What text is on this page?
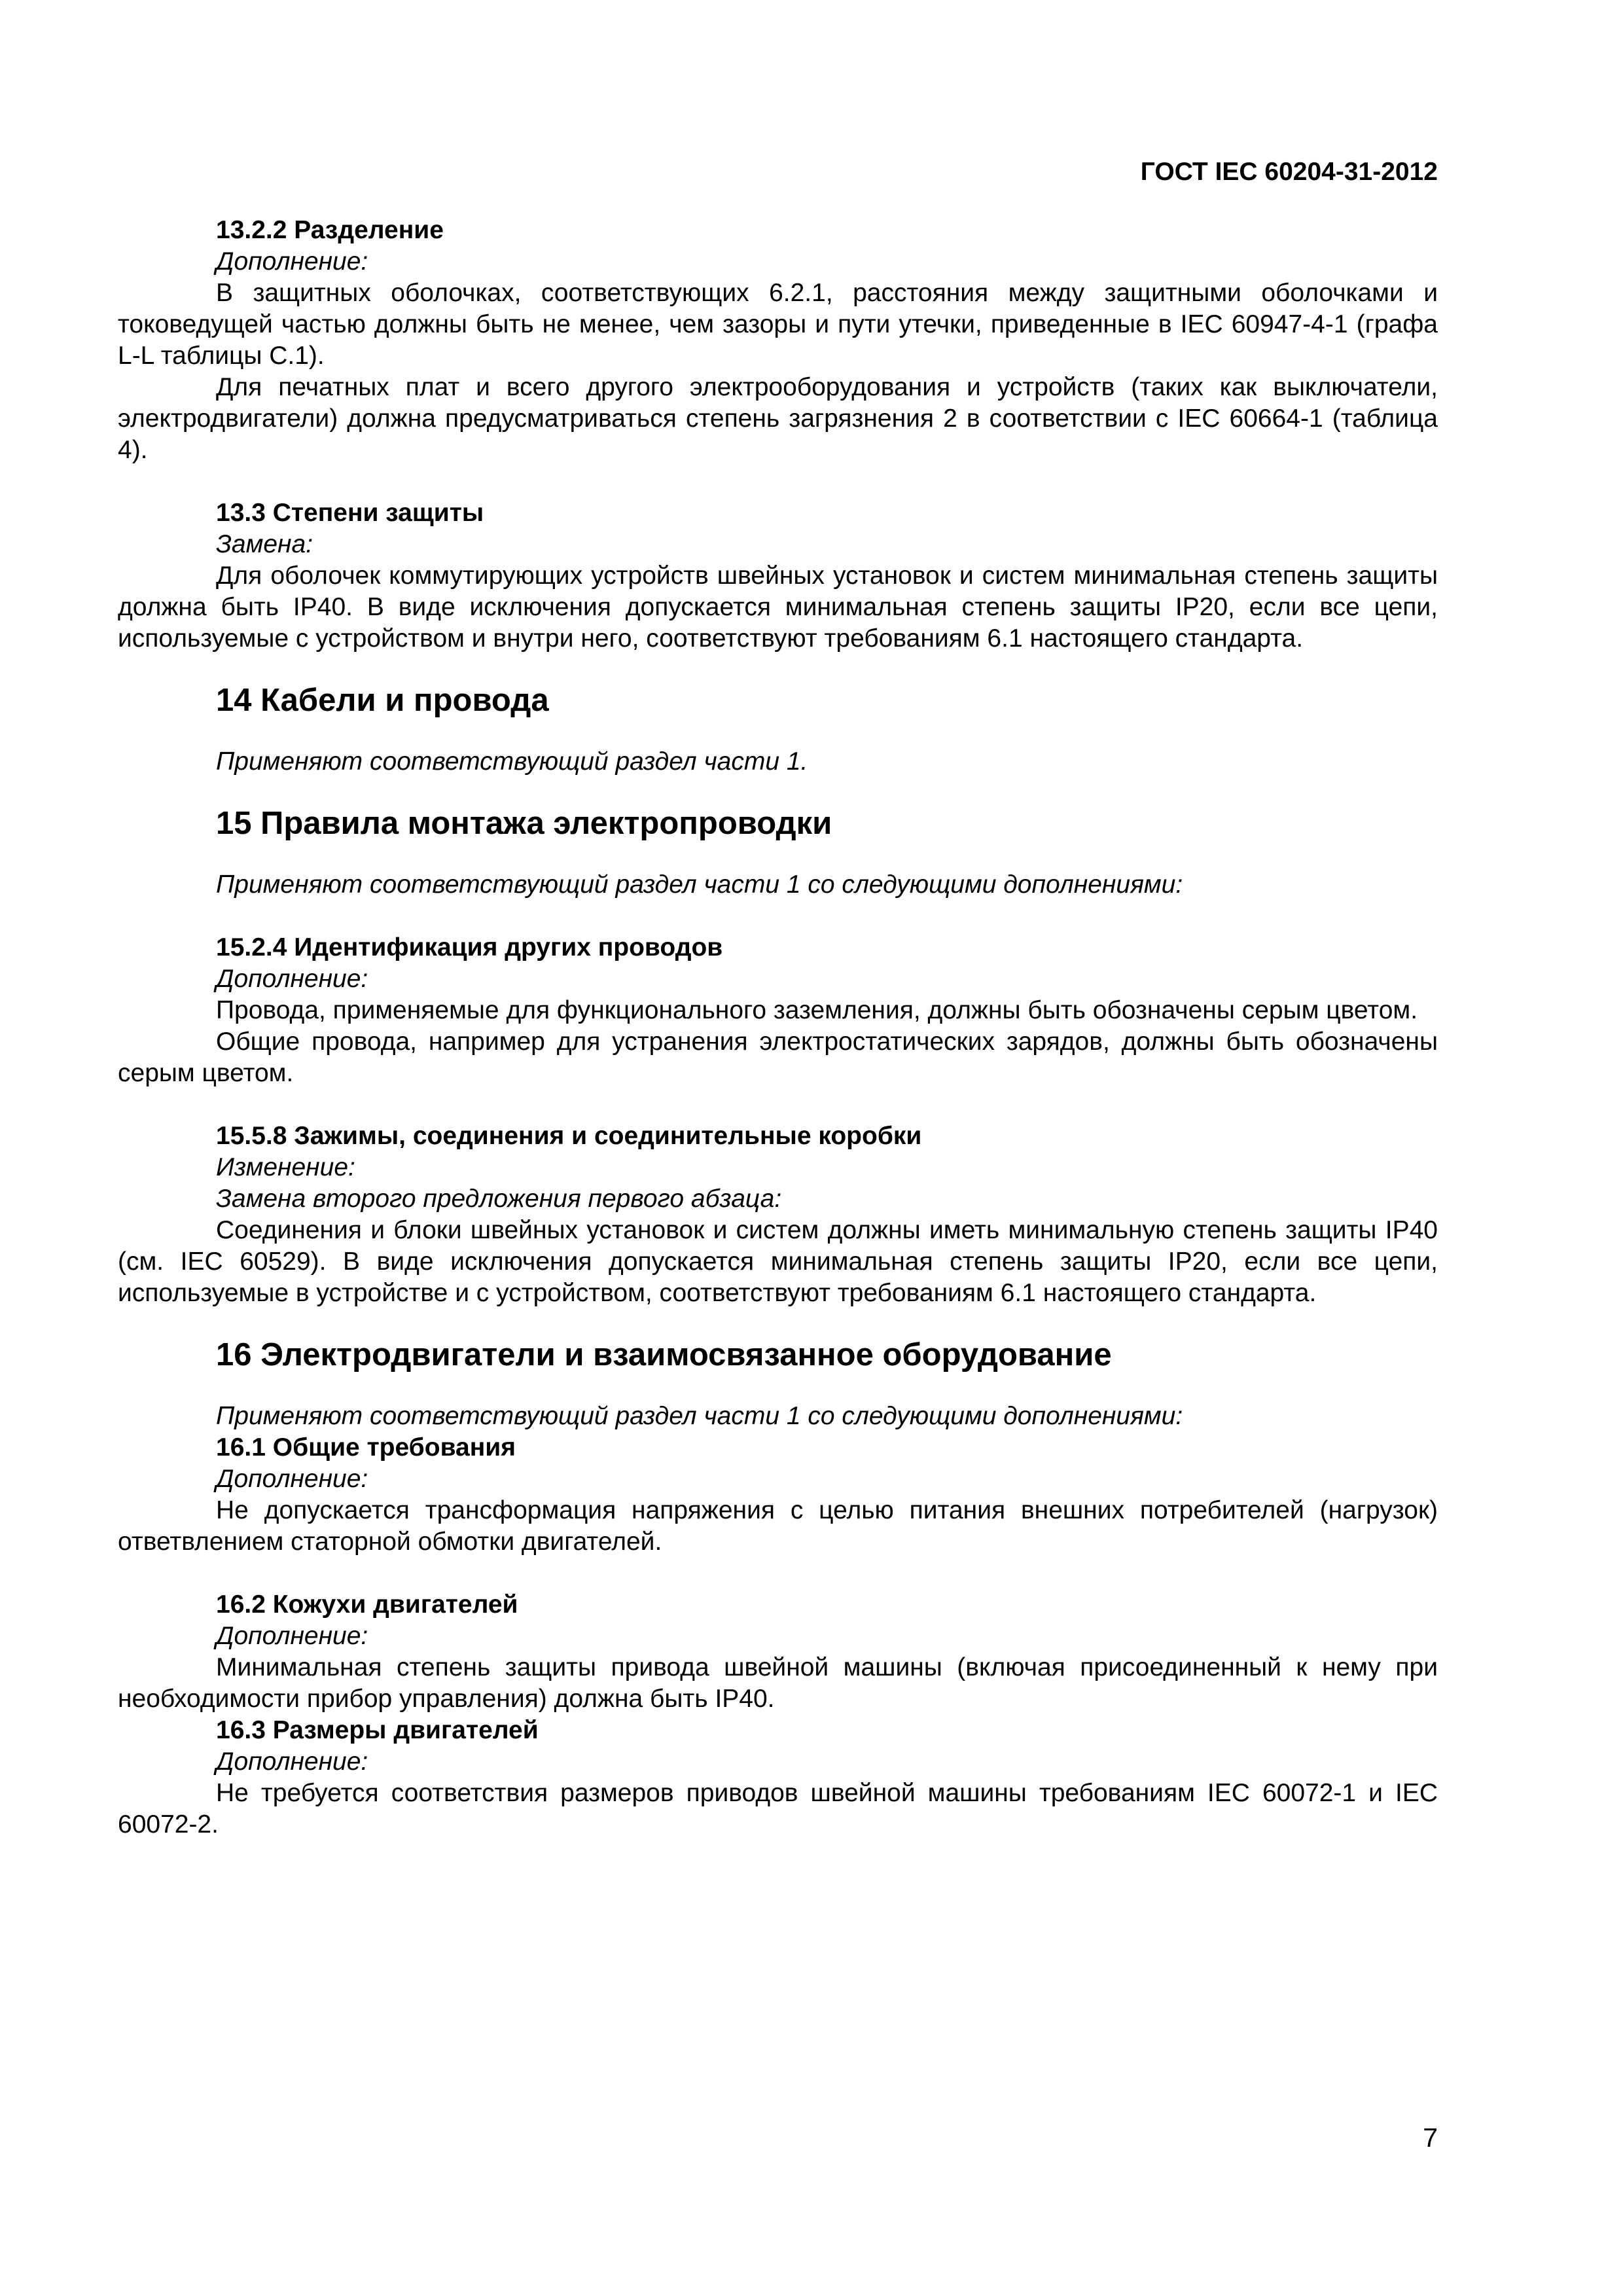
ГОСТ IEC 60204-31-2012
13.2.2 Разделение
Дополнение:
В защитных оболочках, соответствующих 6.2.1, расстояния между защитными оболочками и токоведущей частью должны быть не менее, чем зазоры и пути утечки, приведенные в IEC 60947-4-1 (графа L-L таблицы С.1).
Для печатных плат и всего другого электрооборудования и устройств (таких как выключатели, электродвигатели) должна предусматриваться степень загрязнения 2 в соответствии с IEC 60664-1 (таблица 4).
13.3 Степени защиты
Замена:
Для оболочек коммутирующих устройств швейных установок и систем минимальная степень защиты должна быть IP40. В виде исключения допускается минимальная степень защиты IP20, если все цепи, используемые с устройством и внутри него, соответствуют требованиям 6.1 настоящего стандарта.
14 Кабели и провода
Применяют соответствующий раздел части 1.
15 Правила монтажа электропроводки
Применяют соответствующий раздел части 1 со следующими дополнениями:
15.2.4 Идентификация других проводов
Дополнение:
Провода, применяемые для функционального заземления, должны быть обозначены серым цветом.
Общие провода, например для устранения электростатических зарядов, должны быть обозначены серым цветом.
15.5.8 Зажимы, соединения и соединительные коробки
Изменение:
Замена второго предложения первого абзаца:
Соединения и блоки швейных установок и систем должны иметь минимальную степень защиты IP40 (см. IEC 60529). В виде исключения допускается минимальная степень защиты IP20, если все цепи, используемые в устройстве и с устройством, соответствуют требованиям 6.1 настоящего стандарта.
16 Электродвигатели и взаимосвязанное оборудование
Применяют соответствующий раздел части 1 со следующими дополнениями:
16.1 Общие требования
Дополнение:
Не допускается трансформация напряжения с целью питания внешних потребителей (нагрузок) ответвлением статорной обмотки двигателей.
16.2 Кожухи двигателей
Дополнение:
Минимальная степень защиты привода швейной машины (включая присоединенный к нему при необходимости прибор управления) должна быть IP40.
16.3 Размеры двигателей
Дополнение:
Не требуется соответствия размеров приводов швейной машины требованиям IEC 60072-1 и IEC 60072-2.
7
